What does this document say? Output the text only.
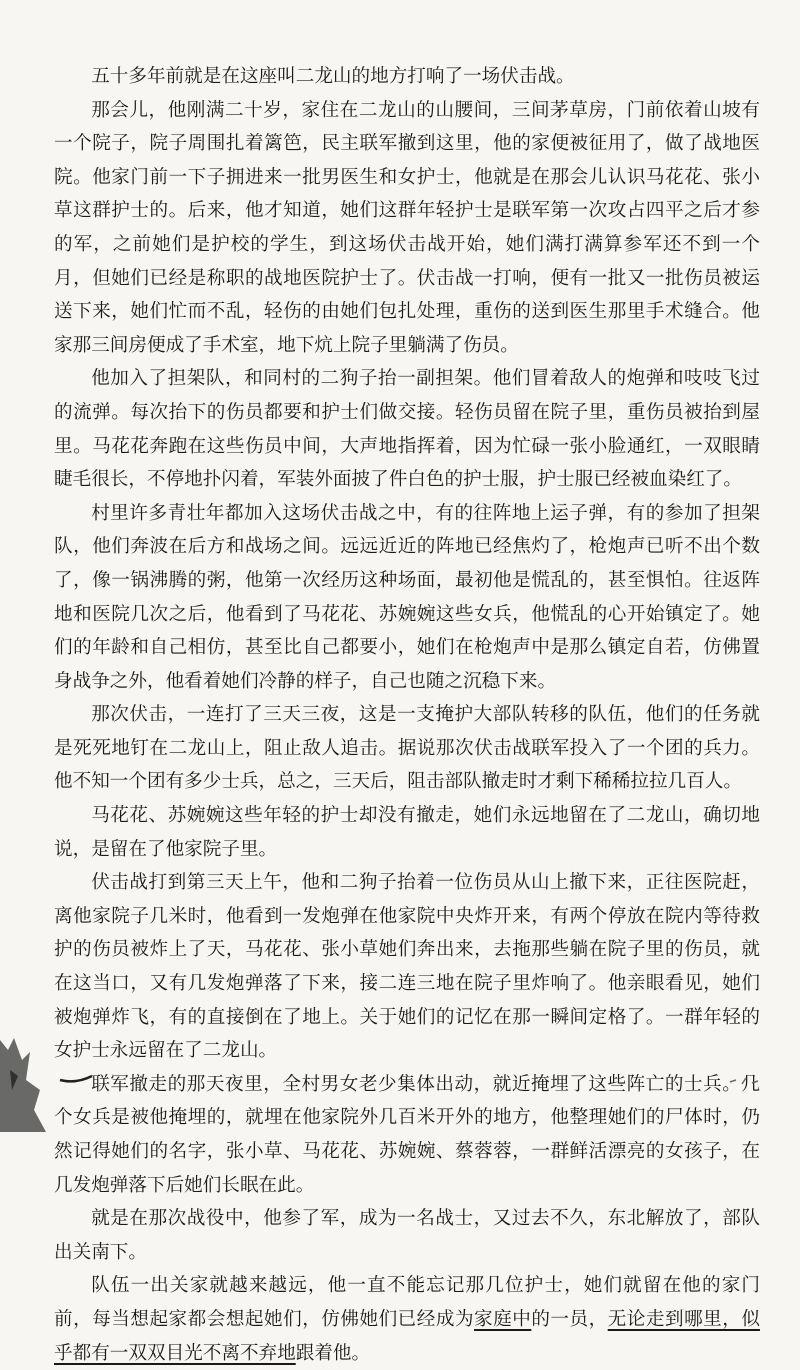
五十多年前就是在这座叫二龙山的地方打响了一场伏击战。

那会儿，他刚满二十岁，家住在二龙山的山腰间，三间茅草房，门前依着山坡有一个院子，院子周围扎着篱笆，民主联军撤到这里，他的家便被征用了，做了战地医院。他家门前一下子拥进来一批男医生和女护士，他就是在那会儿认识马花花、张小草这群护士的。后来，他才知道，她们这群年轻护士是联军第一次攻占四平之后才参的军，之前她们是护校的学生，到这场伏击战开始，她们满打满算参军还不到一个月，但她们已经是称职的战地医院护士了。伏击战一打响，便有一批又一批伤员被运送下来，她们忙而不乱，轻伤的由她们包扎处理，重伤的送到医生那里手术缝合。他家那三间房便成了手术室，地下炕上院子里躺满了伤员。

他加入了担架队，和同村的二狗子抬一副担架。他们冒着敌人的炮弹和吱吱飞过的流弹。每次抬下的伤员都要和护士们做交接。轻伤员留在院子里，重伤员被抬到屋里。马花花奔跑在这些伤员中间，大声地指挥着，因为忙碌一张小脸通红，一双眼睛睫毛很长，不停地扑闪着，军装外面披了件白色的护士服，护士服已经被血染红了。

村里许多青壮年都加入这场伏击战之中，有的往阵地上运子弹，有的参加了担架队，他们奔波在后方和战场之间。远远近近的阵地已经焦灼了，枪炮声已听不出个数了，像一锅沸腾的粥，他第一次经历这种场面，最初他是慌乱的，甚至惧怕。往返阵地和医院几次之后，他看到了马花花、苏婉婉这些女兵，他慌乱的心开始镇定了。她们的年龄和自己相仿，甚至比自己都要小，她们在枪炮声中是那么镇定自若，仿佛置身战争之外，他看着她们冷静的样子，自己也随之沉稳下来。

那次伏击，一连打了三天三夜，这是一支掩护大部队转移的队伍，他们的任务就是死死地钉在二龙山上，阻止敌人追击。据说那次伏击战联军投入了一个团的兵力。他不知一个团有多少士兵，总之，三天后，阻击部队撤走时才剩下稀稀拉拉几百人。

马花花、苏婉婉这些年轻的护士却没有撤走，她们永远地留在了二龙山，确切地说，是留在了他家院子里。

伏击战打到第三天上午，他和二狗子抬着一位伤员从山上撤下来，正往医院赶，离他家院子几米时，他看到一发炮弹在他家院中央炸开来，有两个停放在院内等待救护的伤员被炸上了天，马花花、张小草她们奔出来，去拖那些躺在院子里的伤员，就在这当口，又有几发炮弹落了下来，接二连三地在院子里炸响了。他亲眼看见，她们被炮弹炸飞，有的直接倒在了地上。关于她们的记忆在那一瞬间定格了。一群年轻的女护士永远留在了二龙山。

联军撤走的那天夜里，全村男女老少集体出动，就近掩埋了这些阵亡的士兵。几个女兵是被他掩埋的，就埋在他家院外几百米开外的地方，他整理她们的尸体时，仍然记得她们的名字，张小草、马花花、苏婉婉、蔡蓉蓉，一群鲜活漂亮的女孩子，在几发炮弹落下后她们长眠在此。

就是在那次战役中，他参了军，成为一名战士，又过去不久，东北解放了，部队出关南下。

队伍一出关家就越来越远，他一直不能忘记那几位护士，她们就留在他的家门前，每当想起家都会想起她们，仿佛她们已经成为家庭中的一员，无论走到哪里，似乎都有一双双目光不离不弃地跟着他。
